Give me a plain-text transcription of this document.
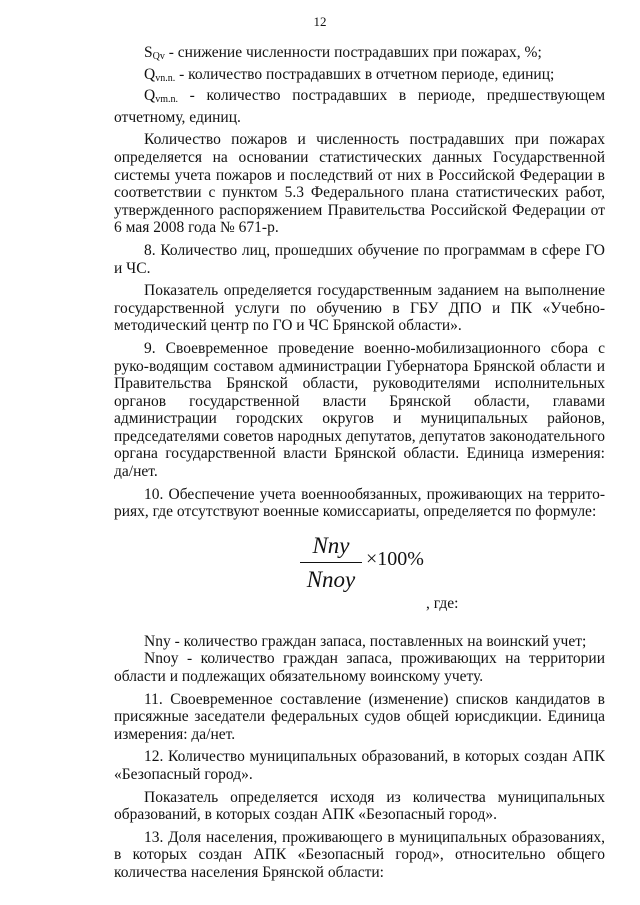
12

$S_{Qv}$ - снижение численности пострадавших при пожарах, %;

$Q_{vn.n.}$ - количество пострадавших в отчетном периоде, единиц;

$Q_{vm.n.}$ - количество пострадавших в периоде, предшествующем отчетному, единиц.

Количество пожаров и численность пострадавших при пожарах определяется на основании статистических данных Государственной системы учета пожаров и последствий от них в Российской Федерации в соответствии с пунктом 5.3 Федерального плана статистических работ, утвержденного распоряжением Правительства Российской Федерации от 6 мая 2008 года № 671-р.

8. Количество лиц, прошедших обучение по программам в сфере ГО и ЧС.

Показатель определяется государственным заданием на выполнение государственной услуги по обучению в ГБУ ДПО и ПК «Учебно-методический центр по ГО и ЧС Брянской области».

9. Своевременное проведение военно-мобилизационного сбора с руко-водящим составом администрации Губернатора Брянской области и Правительства Брянской области, руководителями исполнительных органов государственной власти Брянской области, главами администрации городских округов и муниципальных районов, председателями советов народных депутатов, депутатов законодательного органа государственной власти Брянской области. Единица измерения: да/нет.

10. Обеспечение учета военнообязанных, проживающих на террито-риях, где отсутствуют военные комиссариаты, определяется по формуле:

Nny
Nnoy
×100%
, где:

Nny - количество граждан запаса, поставленных на воинский учет;

Nnoy - количество граждан запаса, проживающих на территории области и подлежащих обязательному воинскому учету.

11. Своевременное составление (изменение) списков кандидатов в присяжные заседатели федеральных судов общей юрисдикции. Единица измерения: да/нет.

12. Количество муниципальных образований, в которых создан АПК «Безопасный город».

Показатель определяется исходя из количества муниципальных образований, в которых создан АПК «Безопасный город».

13. Доля населения, проживающего в муниципальных образованиях, в которых создан АПК «Безопасный город», относительно общего количества населения Брянской области:
